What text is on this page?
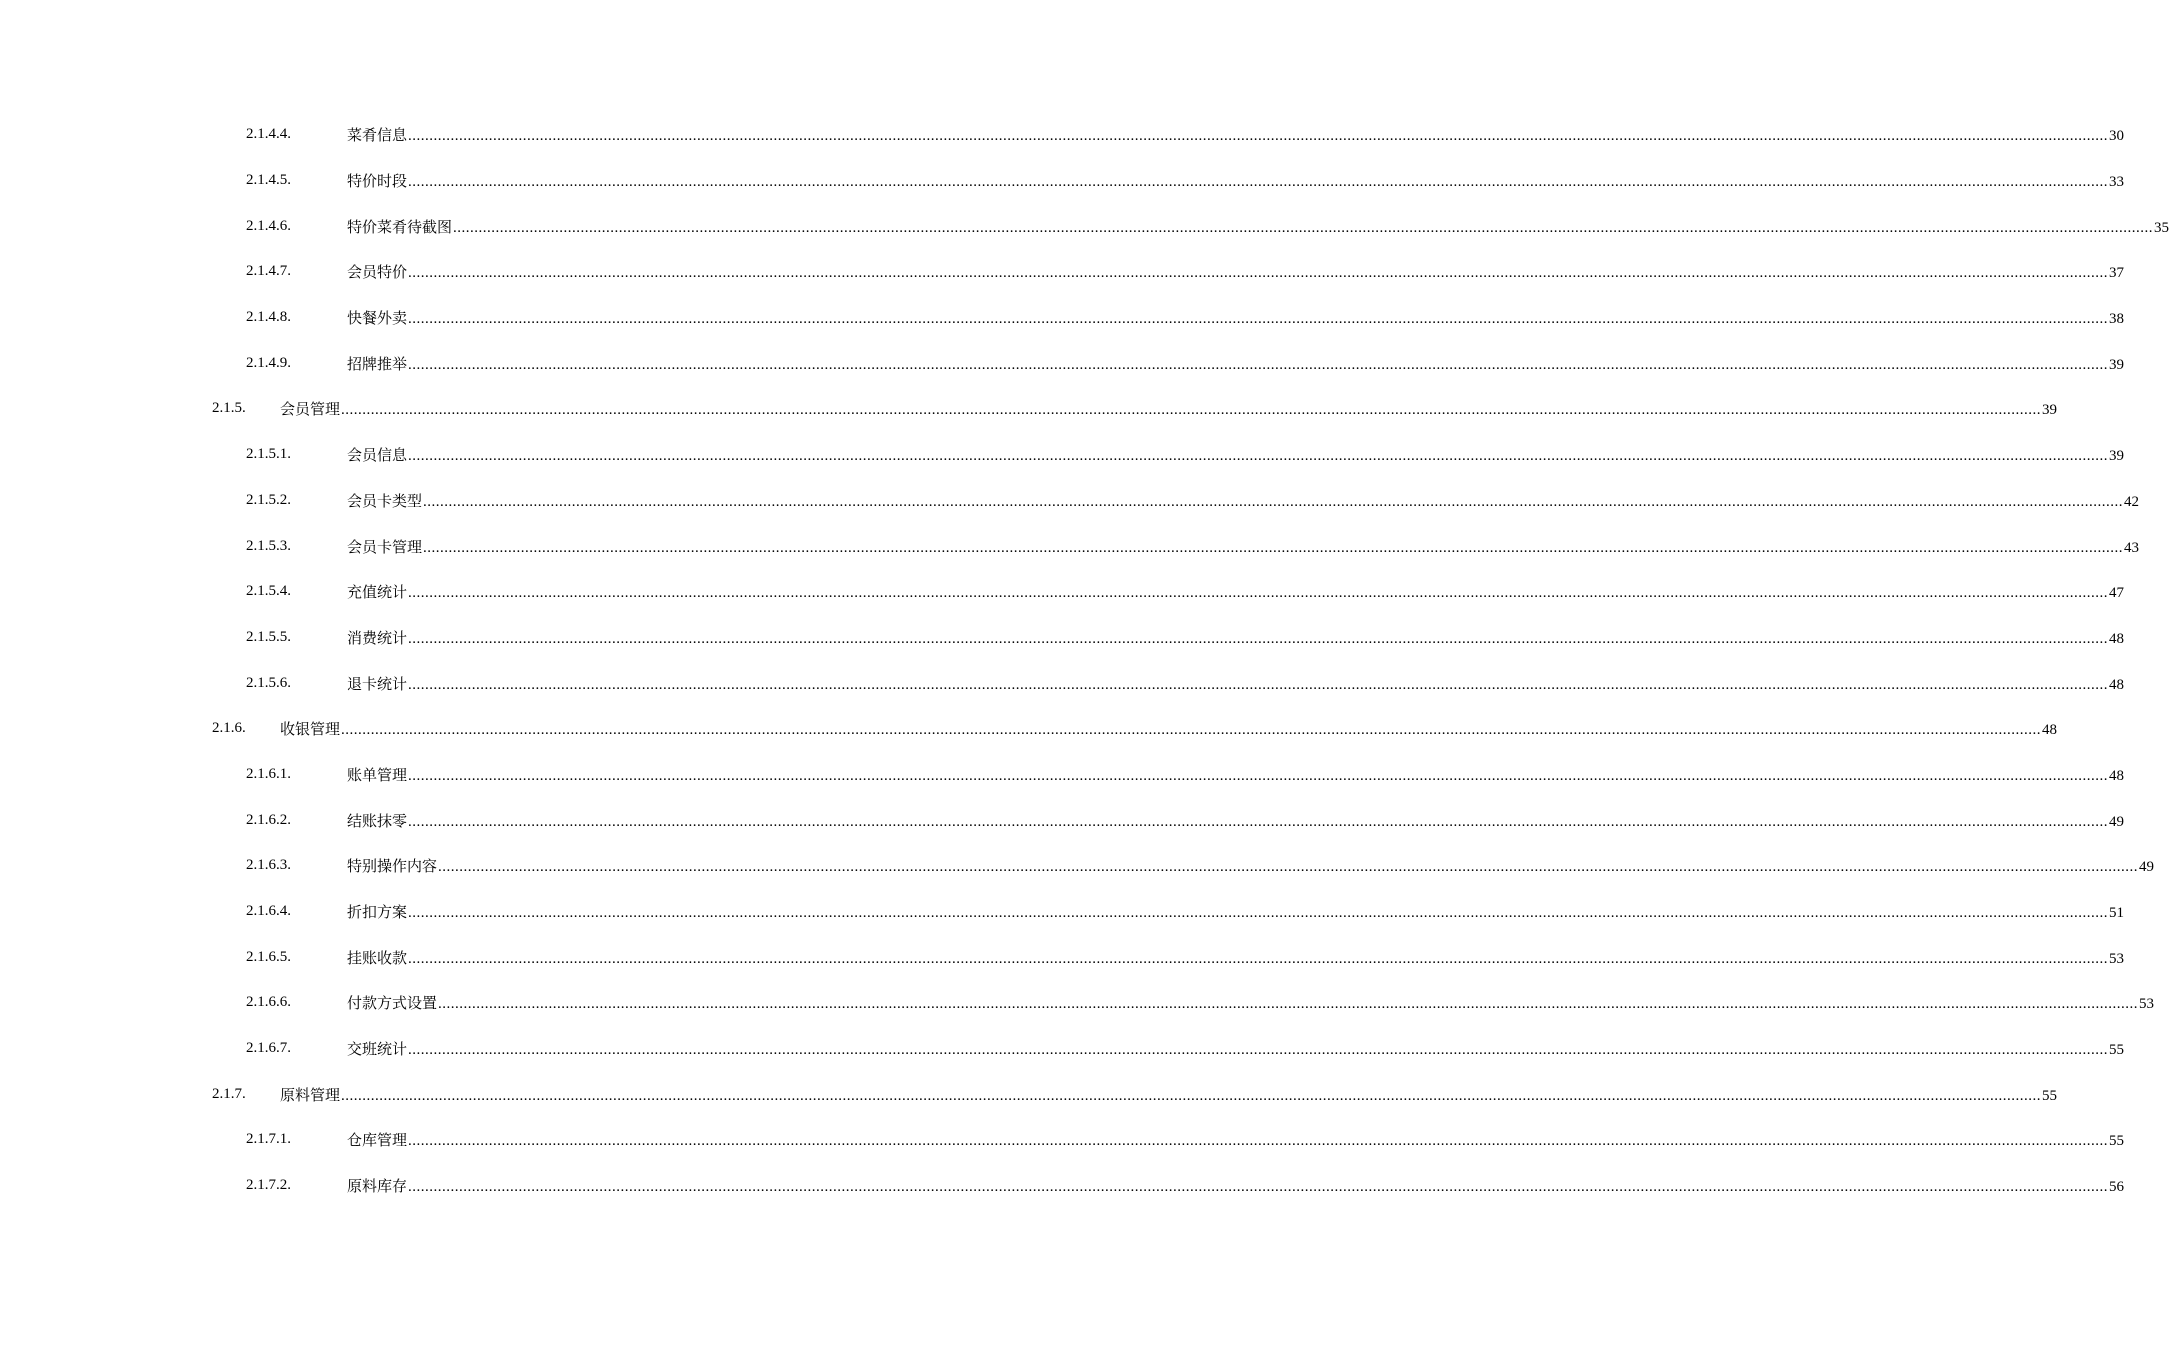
2.1.4.4.	菜肴信息 ................................................................................................................................................................................................................................................................................................................................................................................................................ 30
2.1.4.5.	特价时段 ................................................................................................................................................................................................................................................................................................................................................................................................................ 33
2.1.4.6.	特价菜肴待截图 ................................................................................................................................................................................................................................................................................................................................................................................................................ 35
2.1.4.7.	会员特价 ................................................................................................................................................................................................................................................................................................................................................................................................................ 37
2.1.4.8.	快餐外卖 ................................................................................................................................................................................................................................................................................................................................................................................................................ 38
2.1.4.9.	招牌推举 ................................................................................................................................................................................................................................................................................................................................................................................................................ 39
2.1.5. 会员管理 ................................................................................................................................................................................................................................................................................................................................................................................................................ 39
2.1.5.1.	会员信息 ................................................................................................................................................................................................................................................................................................................................................................................................................ 39
2.1.5.2.	会员卡类型 ................................................................................................................................................................................................................................................................................................................................................................................................................ 42
2.1.5.3.	会员卡管理 ................................................................................................................................................................................................................................................................................................................................................................................................................ 43
2.1.5.4.	充值统计 ................................................................................................................................................................................................................................................................................................................................................................................................................ 47
2.1.5.5.	消费统计 ................................................................................................................................................................................................................................................................................................................................................................................................................ 48
2.1.5.6.	退卡统计 ................................................................................................................................................................................................................................................................................................................................................................................................................ 48
2.1.6. 收银管理 ................................................................................................................................................................................................................................................................................................................................................................................................................ 48
2.1.6.1.	账单管理 ................................................................................................................................................................................................................................................................................................................................................................................................................ 48
2.1.6.2.	结账抹零 ................................................................................................................................................................................................................................................................................................................................................................................................................ 49
2.1.6.3.	特别操作内容 ................................................................................................................................................................................................................................................................................................................................................................................................................ 49
2.1.6.4.	折扣方案 ................................................................................................................................................................................................................................................................................................................................................................................................................ 51
2.1.6.5.	挂账收款 ................................................................................................................................................................................................................................................................................................................................................................................................................ 53
2.1.6.6.	付款方式设置 ................................................................................................................................................................................................................................................................................................................................................................................................................ 53
2.1.6.7.	交班统计 ................................................................................................................................................................................................................................................................................................................................................................................................................ 55
2.1.7. 原料管理 ................................................................................................................................................................................................................................................................................................................................................................................................................ 55
2.1.7.1.	仓库管理 ................................................................................................................................................................................................................................................................................................................................................................................................................ 55
2.1.7.2.	原料库存 ................................................................................................................................................................................................................................................................................................................................................................................................................ 56
